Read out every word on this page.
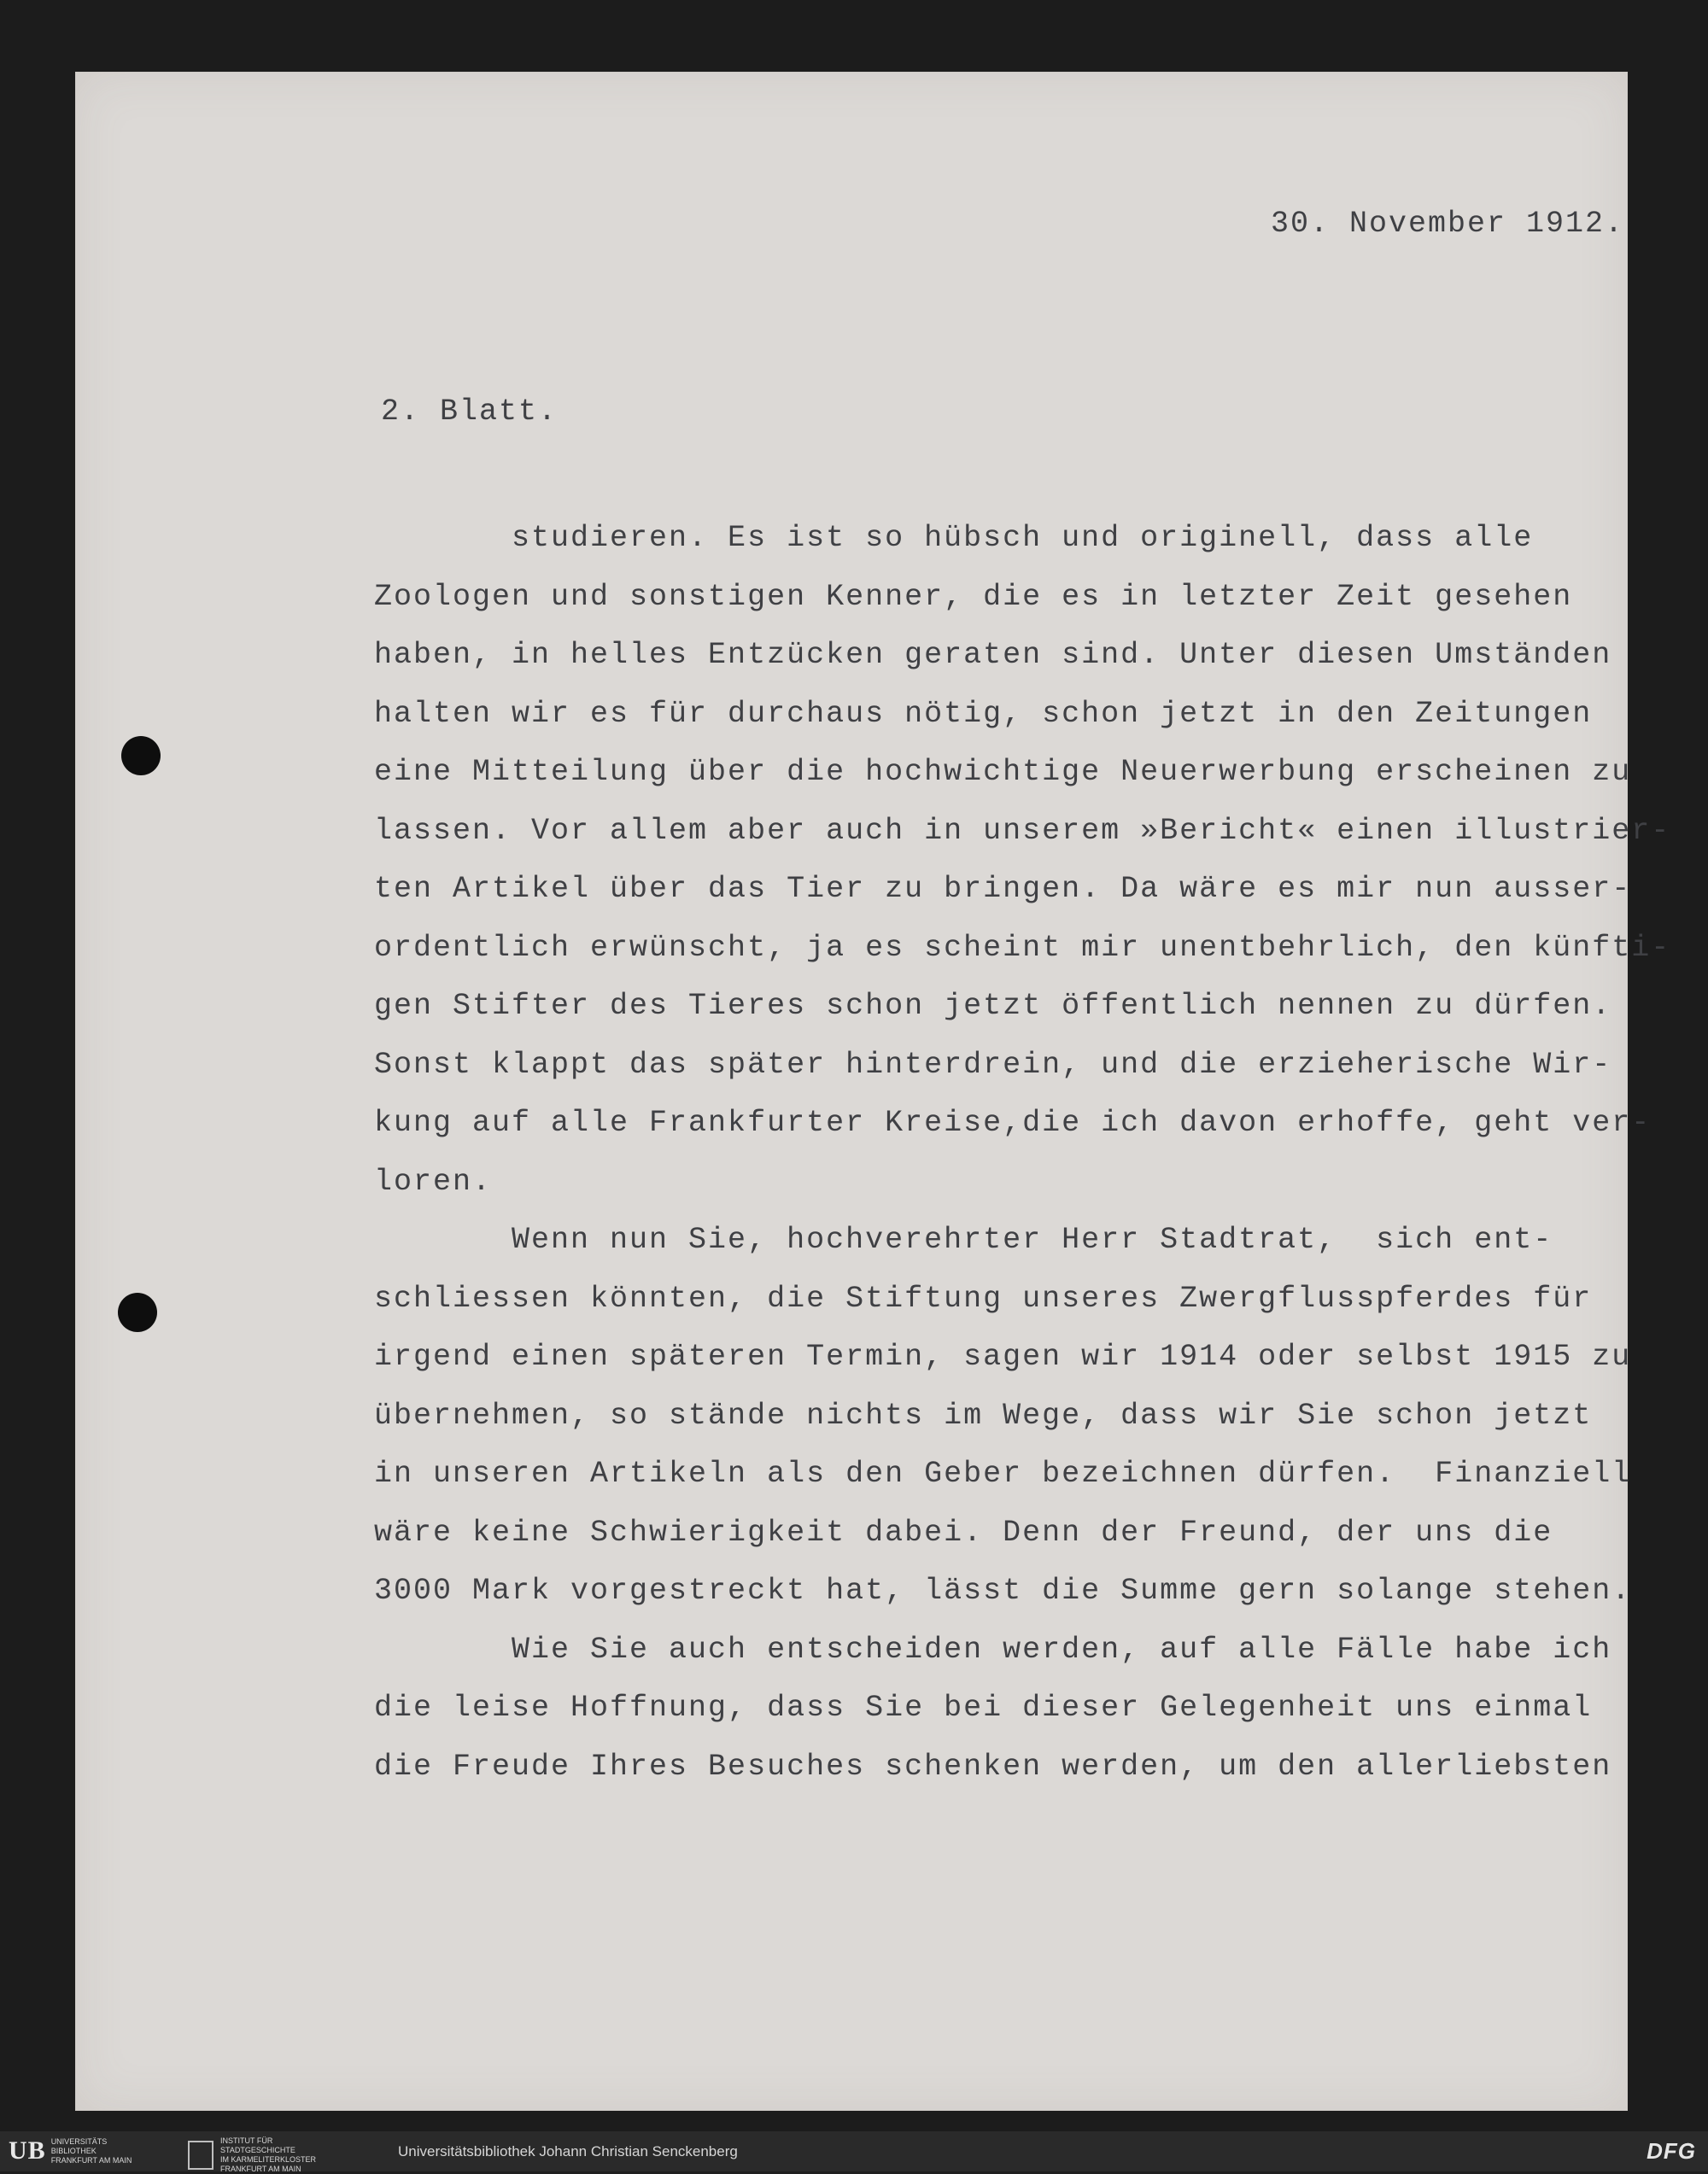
30. November 1912.

2. Blatt.

studieren. Es ist so hübsch und originell, dass alle
Zoologen und sonstigen Kenner, die es in letzter Zeit gesehen
haben, in helles Entzücken geraten sind. Unter diesen Umständen
halten wir es für durchaus nötig, schon jetzt in den Zeitungen
eine Mitteilung über die hochwichtige Neuerwerbung erscheinen zu
lassen. Vor allem aber auch in unserem »Bericht« einen illustrier-
ten Artikel über das Tier zu bringen. Da wäre es mir nun ausser-
ordentlich erwünscht, ja es scheint mir unentbehrlich, den künfti-
gen Stifter des Tieres schon jetzt öffentlich nennen zu dürfen.
Sonst klappt das später hinterdrein, und die erzieherische Wir-
kung auf alle Frankfurter Kreise,die ich davon erhoffe, geht ver-
loren.
Wenn nun Sie, hochverehrter Herr Stadtrat,  sich ent-
schliessen könnten, die Stiftung unseres Zwergflusspferdes für
irgend einen späteren Termin, sagen wir 1914 oder selbst 1915 zu
übernehmen, so stände nichts im Wege, dass wir Sie schon jetzt
in unseren Artikeln als den Geber bezeichnen dürfen.  Finanziell
wäre keine Schwierigkeit dabei. Denn der Freund, der uns die
3000 Mark vorgestreckt hat, lässt die Summe gern solange stehen.
Wie Sie auch entscheiden werden, auf alle Fälle habe ich
die leise Hoffnung, dass Sie bei dieser Gelegenheit uns einmal
die Freude Ihres Besuches schenken werden, um den allerliebsten
UB UNIVERSITÄTS
BIBLIOTHEK
FRANKFURT AM MAIN
INSTITUT FÜR
STADTGESCHICHTE
IM KARMELITERKLOSTER
FRANKFURT AM MAIN
Universitätsbibliothek Johann Christian Senckenberg	DFG
